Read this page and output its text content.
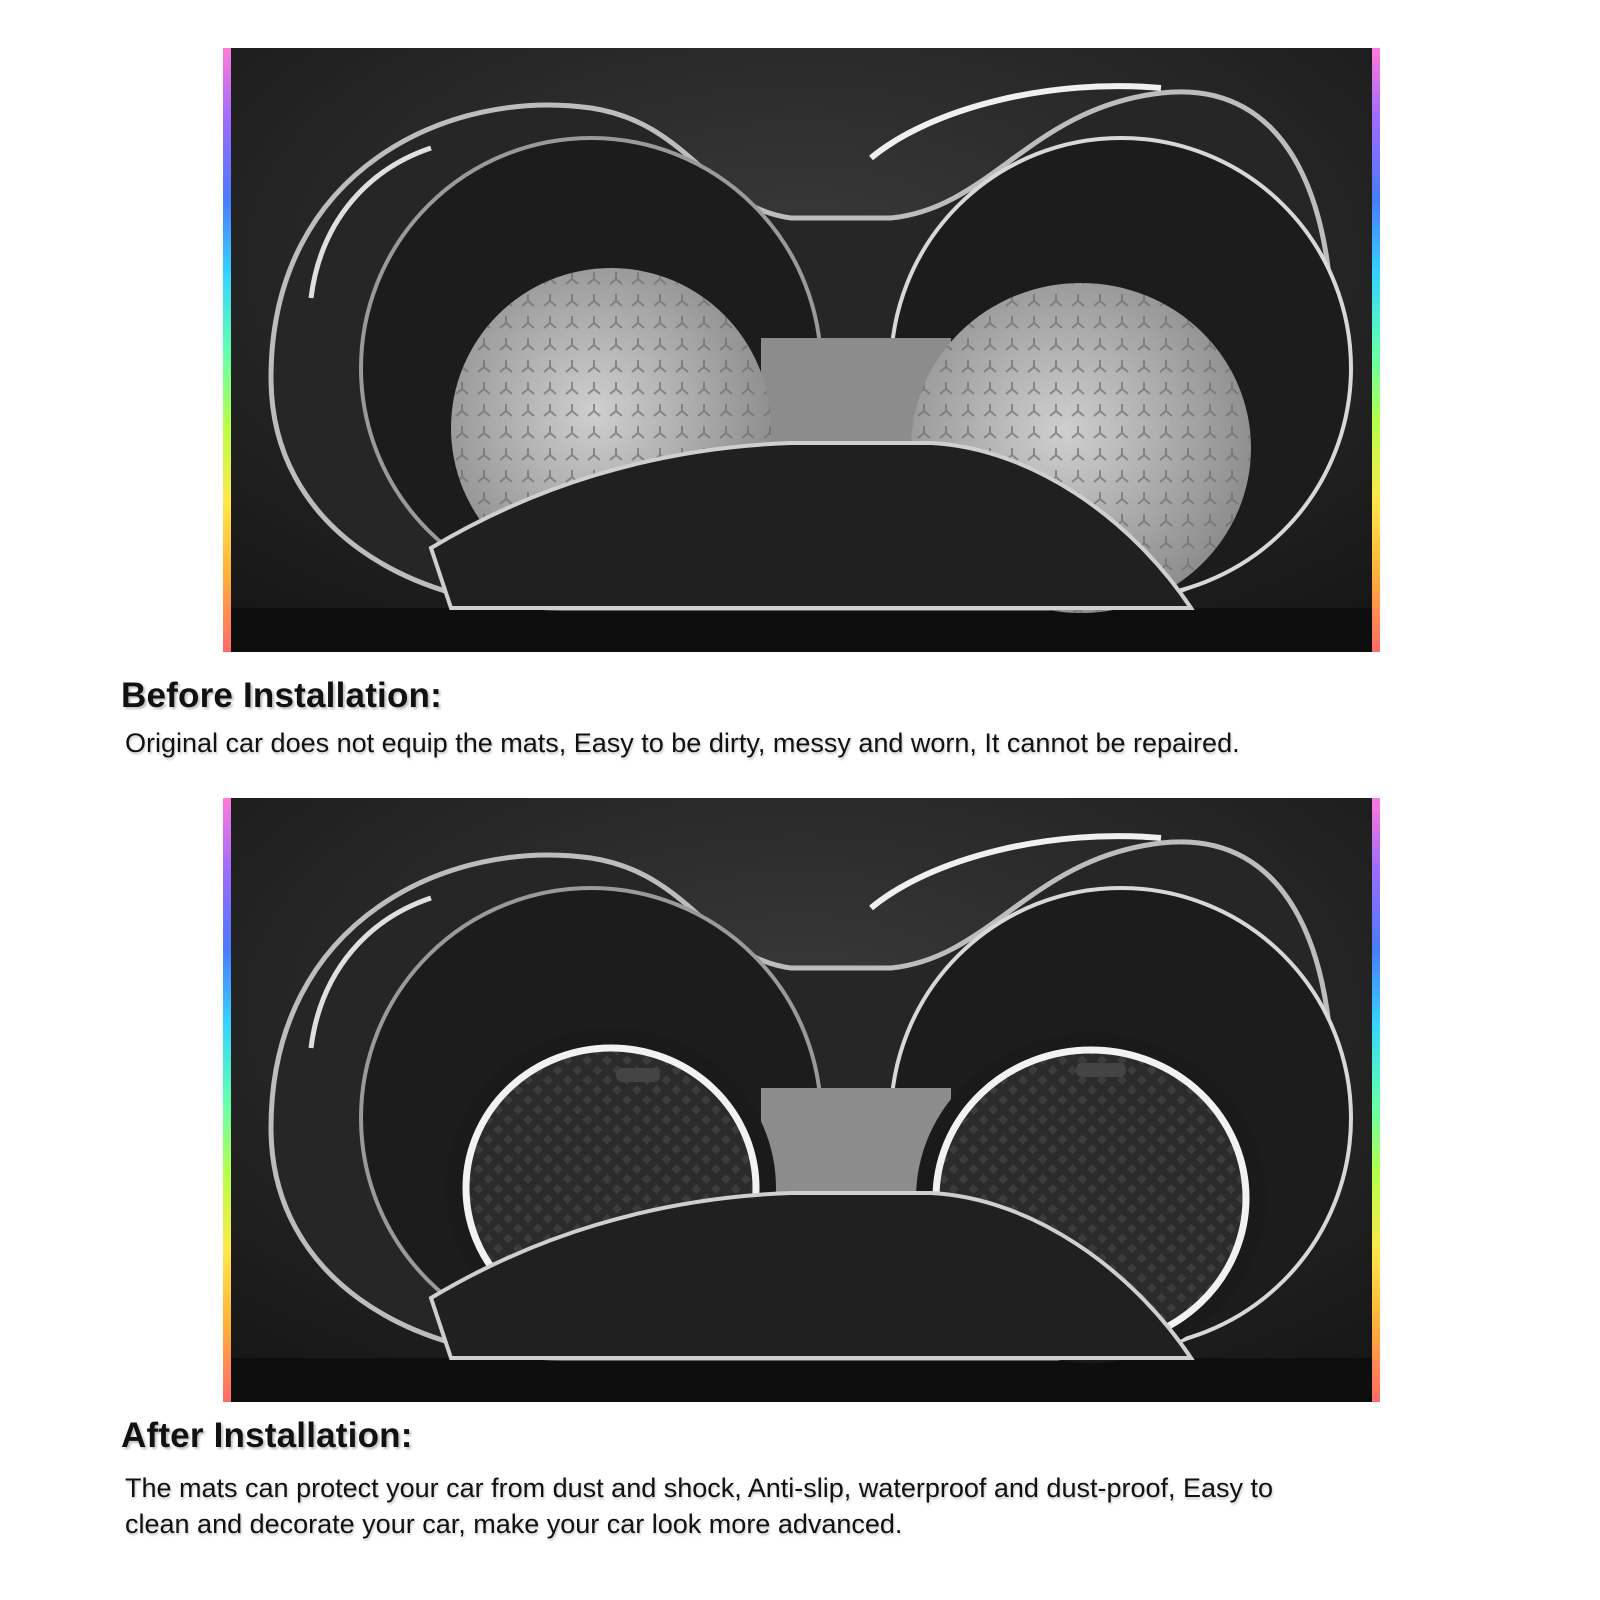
Before Installation:
Original car does not equip the mats, Easy to be dirty, messy and worn, It cannot be repaired.
After Installation:
The mats can protect your car from dust and shock, Anti-slip, waterproof and dust-proof, Easy to
clean and decorate your car, make your car look more advanced.
